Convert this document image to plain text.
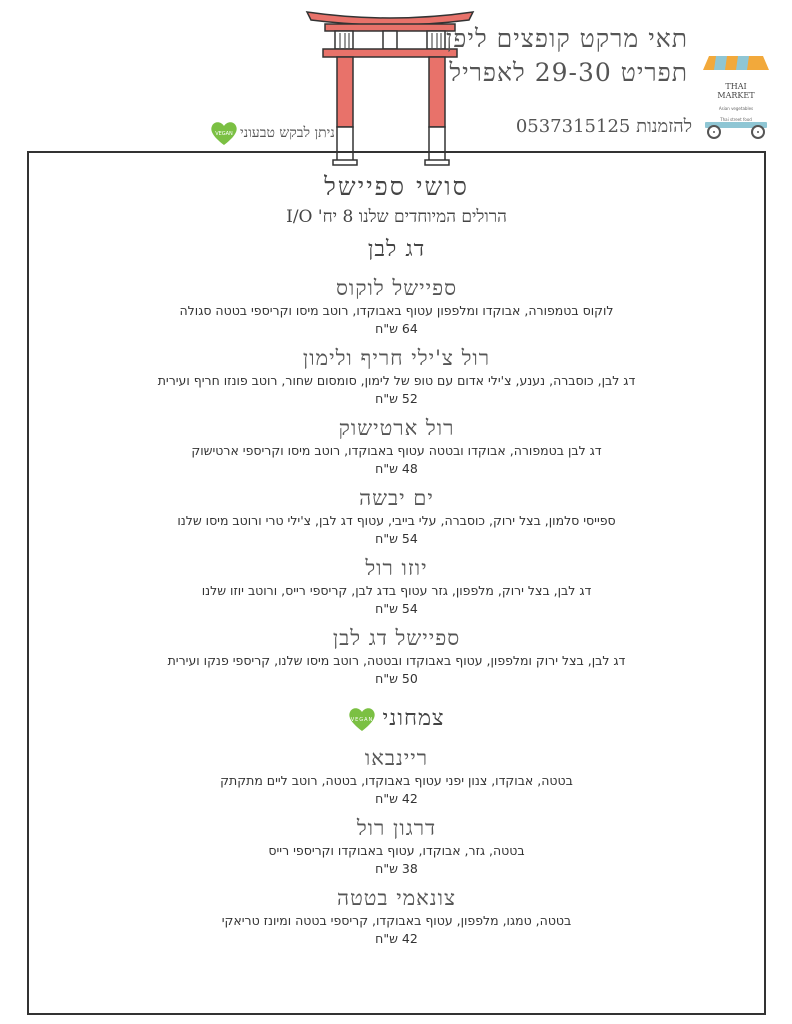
תאי מרקט קופצים ליפן
תפריט 29-30 לאפריל
להזמנות 0537315125
ניתן לבקש טבעוני
VEGAN
THAI MARKET
Asian vegetables
Thai street food
סושי ספיישל
הרולים המיוחדים שלנו 8 יח' I/O
דג לבן
ספיישל לוקוס
לוקוס בטמפורה, אבוקדו ומלפפון עטוף באבוקדו, רוטב מיסו וקריספי בטטה סגולה
64 ש"ח
רול צ'ילי חריף ולימון
דג לבן, כוסברה, נענע, צ'ילי אדום עם טופ של לימון, סומסום שחור, רוטב פונזו חריף ועירית
52 ש"ח
רול ארטישוק
דג לבן בטמפורה, אבוקדו ובטטה עטוף באבוקדו, רוטב מיסו וקריספי ארטישוק
48 ש"ח
ים יבשה
ספייסי סלמון, בצל ירוק, כוסברה, עלי בייבי, עטוף דג לבן, צ'ילי טרי ורוטב מיסו שלנו
54 ש"ח
יוזו רול
דג לבן, בצל ירוק, מלפפון, גזר עטוף בדג לבן, קריספי רייס, ורוטב יוזו שלנו
54 ש"ח
ספיישל דג לבן
דג לבן, בצל ירוק ומלפפון, עטוף באבוקדו ובטטה, רוטב מיסו שלנו, קריספי פנקו ועירית
50 ש"ח
צמחוני
VEGAN
ריינבאו
בטטה, אבוקדו, צנון יפני עטוף באבוקדו, בטטה, רוטב ליים מתקתק
42 ש"ח
דרגון רול
בטטה, גזר, אבוקדו, עטוף באבוקדו וקריספי רייס
38 ש"ח
צונאמי בטטה
בטטה, טמגו, מלפפון, עטוף באבוקדו, קריספי בטטה ומיונז טריאקי
42 ש"ח
